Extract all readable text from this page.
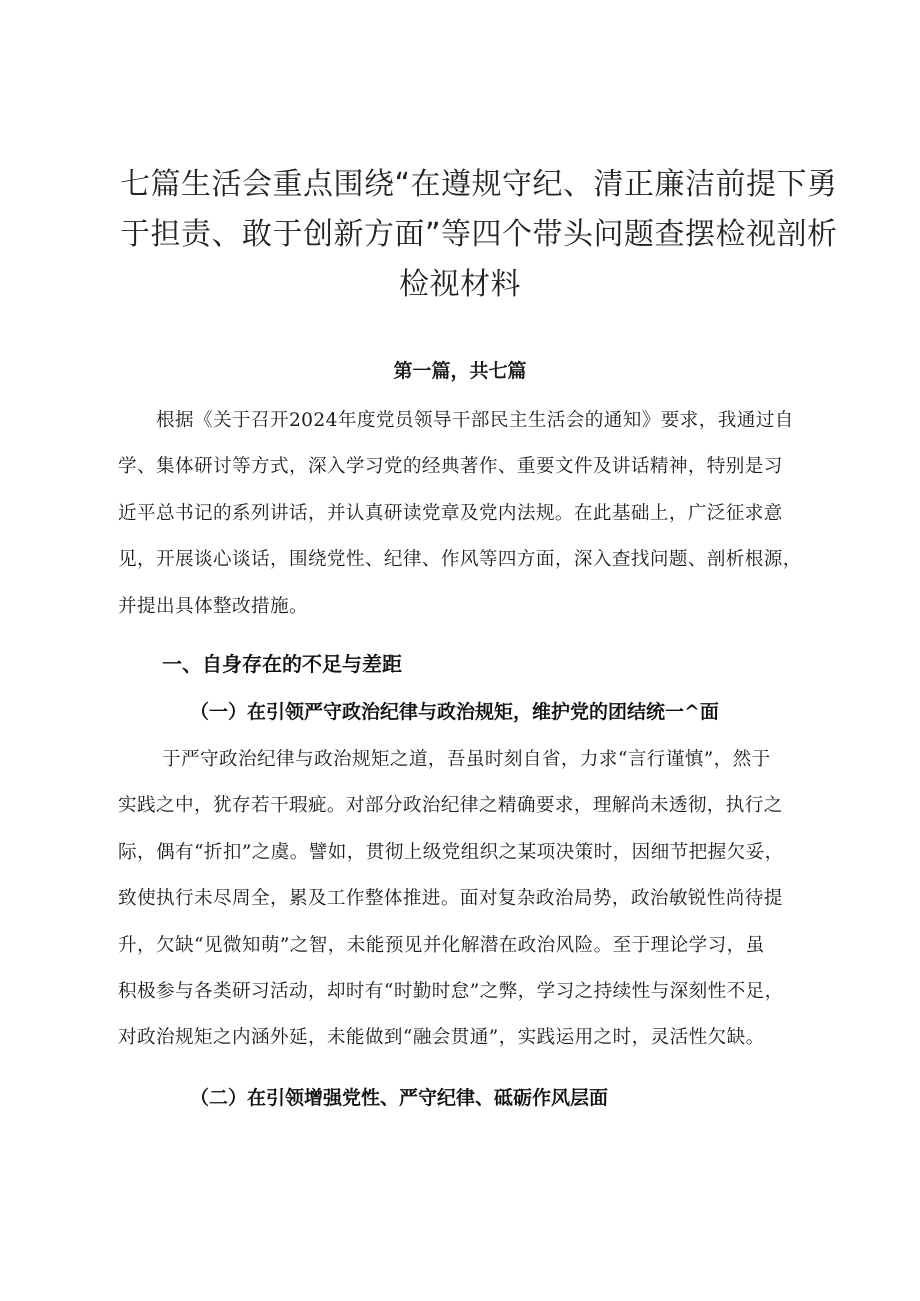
七篇生活会重点围绕“在遵规守纪、清正廉洁前提下勇
于担责、敢于创新方面”等四个带头问题查摆检视剖析
检视材料

第一篇，共七篇

根据《关于召开2024年度党员领导干部民主生活会的通知》要求，我通过自
学、集体研讨等方式，深入学习党的经典著作、重要文件及讲话精神，特别是习
近平总书记的系列讲话，并认真研读党章及党内法规。在此基础上，广泛征求意
见，开展谈心谈话，围绕党性、纪律、作风等四方面，深入查找问题、剖析根源，
并提出具体整改措施。

一、自身存在的不足与差距
（一）在引领严守政治纪律与政治规矩，维护党的团结统一^面

于严守政治纪律与政治规矩之道，吾虽时刻自省，力求“言行谨慎”，然于
实践之中，犹存若干瑕疵。对部分政治纪律之精确要求，理解尚未透彻，执行之
际，偶有“折扣”之虞。譬如，贯彻上级党组织之某项决策时，因细节把握欠妥，
致使执行未尽周全，累及工作整体推进。面对复杂政治局势，政治敏锐性尚待提
升，欠缺“见微知萌”之智，未能预见并化解潜在政治风险。至于理论学习，虽
积极参与各类研习活动，却时有“时勤时怠”之弊，学习之持续性与深刻性不足，
对政治规矩之内涵外延，未能做到“融会贯通”，实践运用之时，灵活性欠缺。

（二）在引领增强党性、严守纪律、砥砺作风层面
